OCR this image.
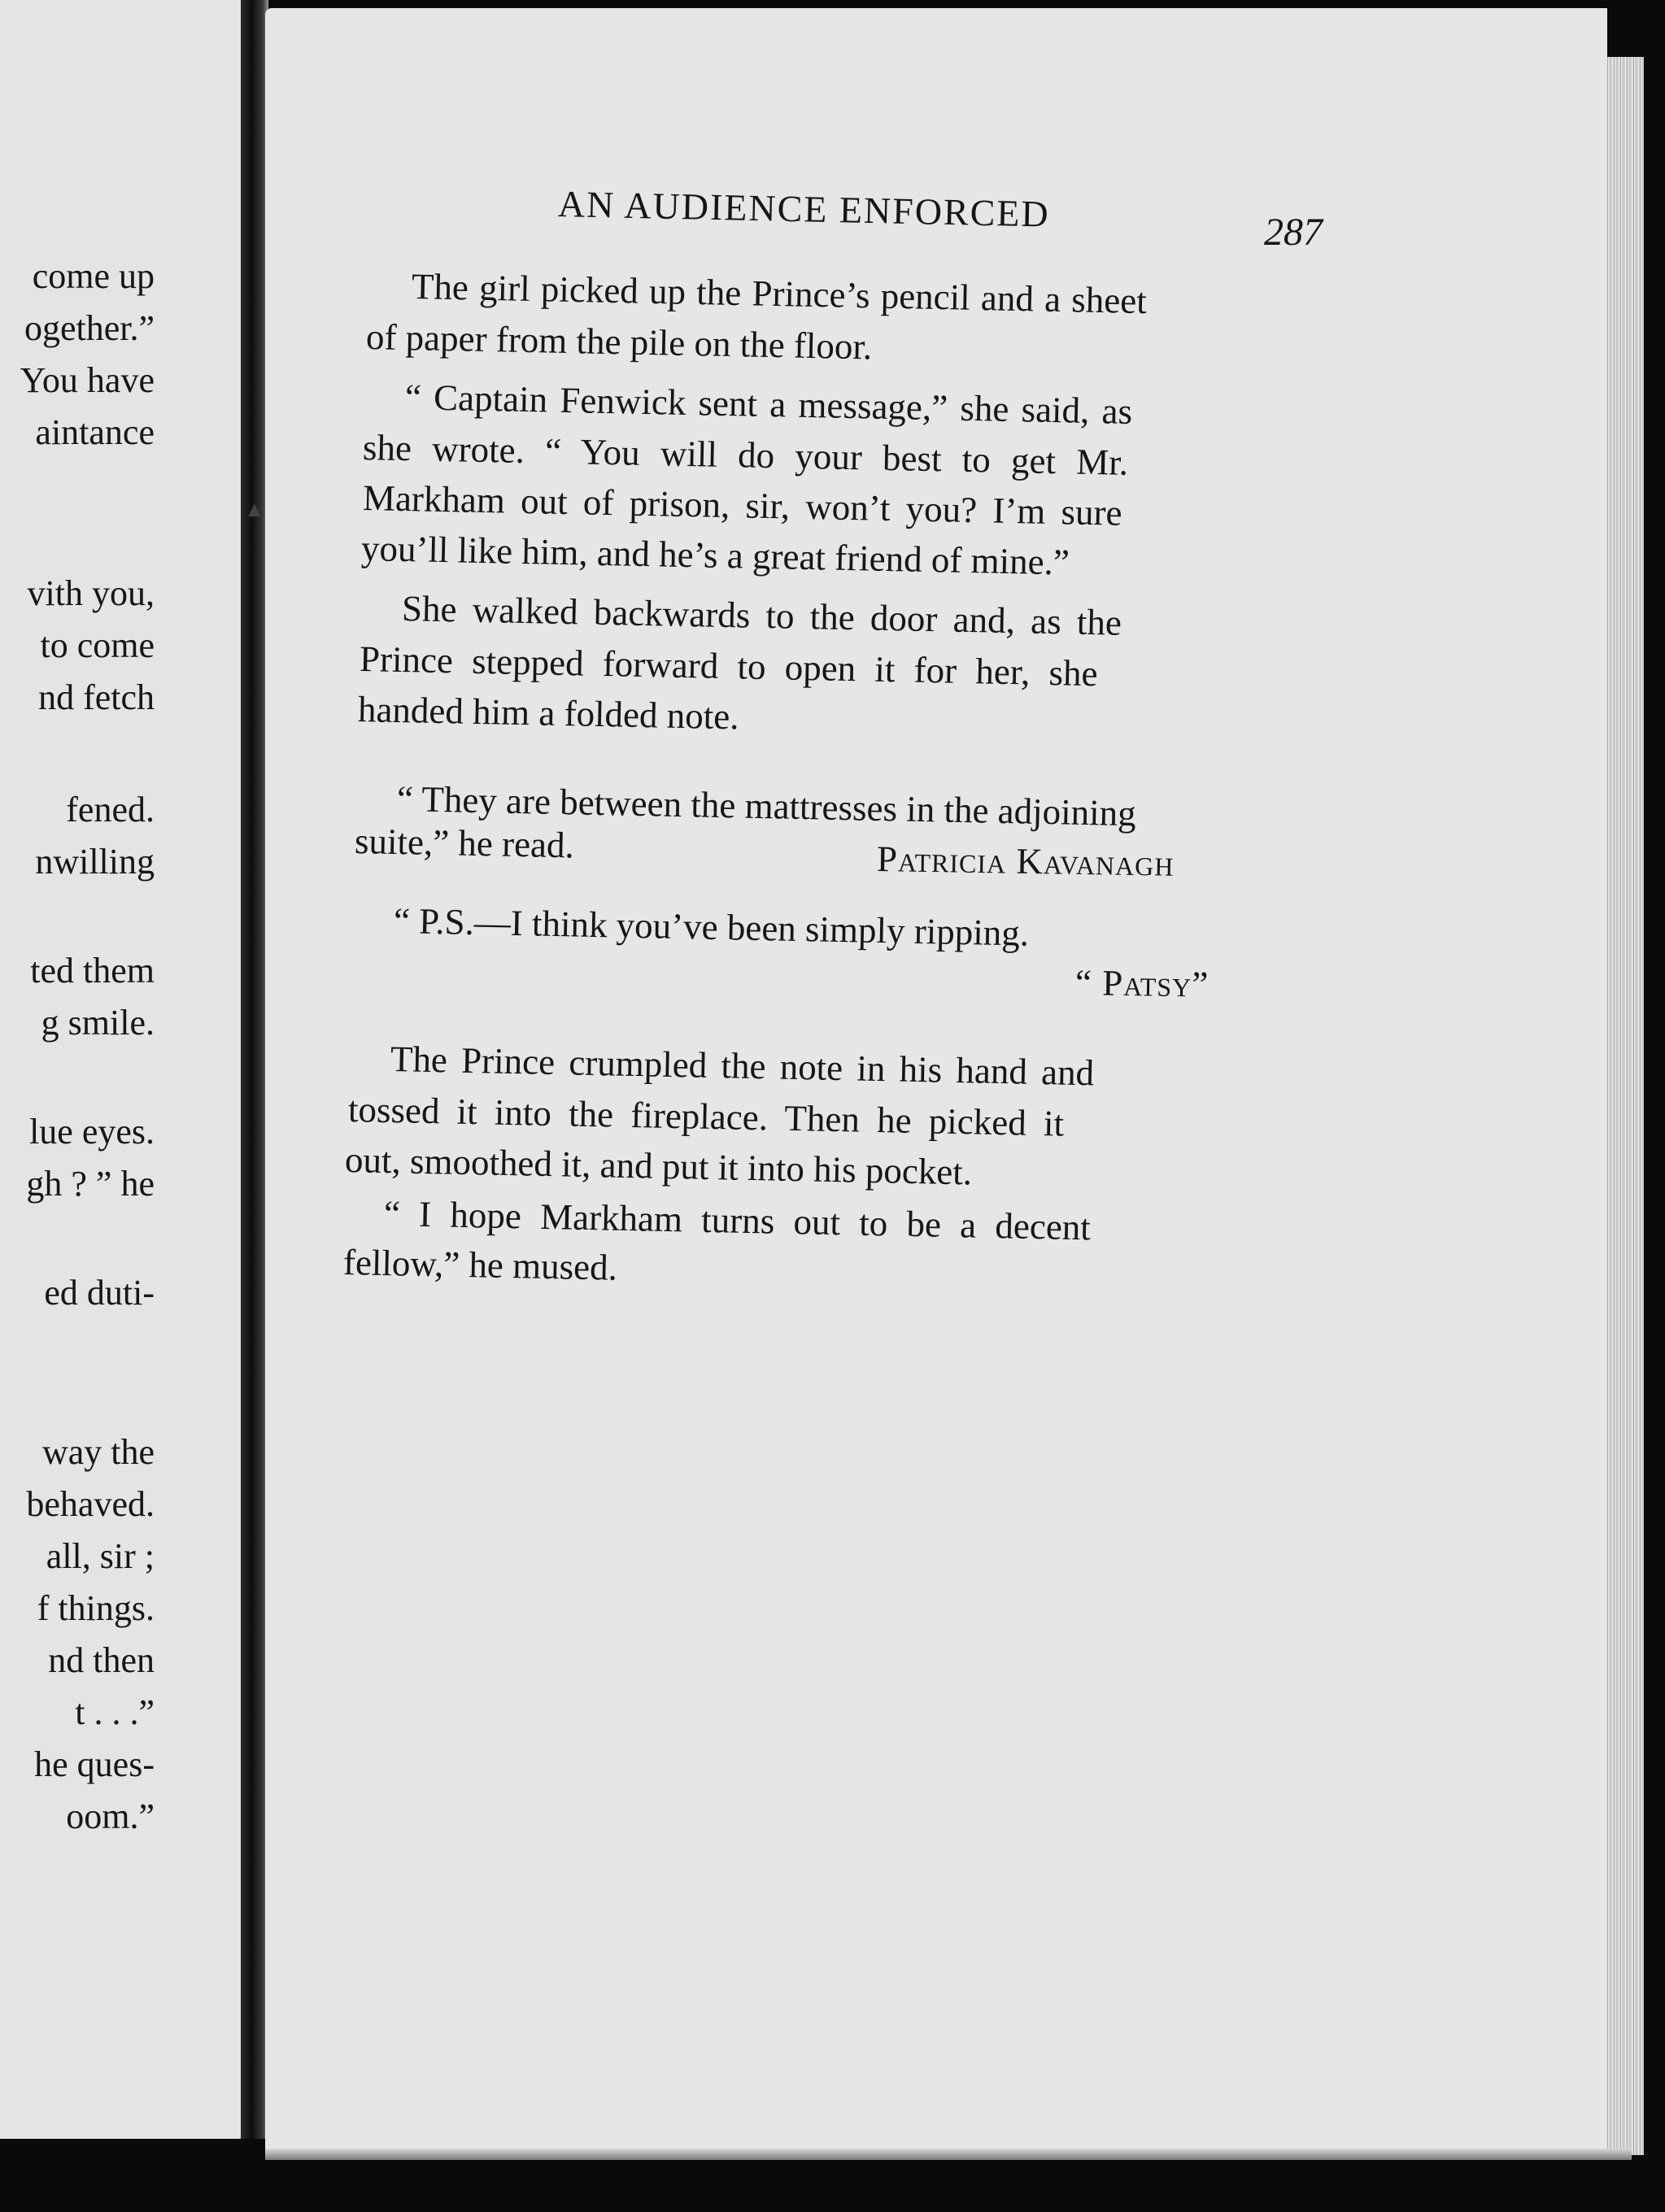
come up
ogether.”
You have
aintance
vith you,
to come
nd fetch
fened.
nwilling
ted them
g smile.
lue eyes.
gh ? ” he
ed duti-
way the
behaved.
all, sir ;
f things.
nd then
t . . .”
he ques-
oom.”
▲
AN AUDIENCE ENFORCED	287
The girl picked up the Prince’s pencil and a sheet
of paper from the pile on the floor.
“ Captain Fenwick sent a message,” she said, as
she wrote. “ You will do your best to get Mr.
Markham out of prison, sir, won’t you? I’m sure
you’ll like him, and he’s a great friend of mine.”
She walked backwards to the door and, as the
Prince stepped forward to open it for her, she
handed him a folded note.
“ They are between the mattresses in the adjoining
suite,” he read.	Patricia Kavanagh
“ P.S.—I think you’ve been simply ripping.
“ Patsy”
The Prince crumpled the note in his hand and
tossed it into the fireplace. Then he picked it
out, smoothed it, and put it into his pocket.
“ I hope Markham turns out to be a decent
fellow,” he mused.
